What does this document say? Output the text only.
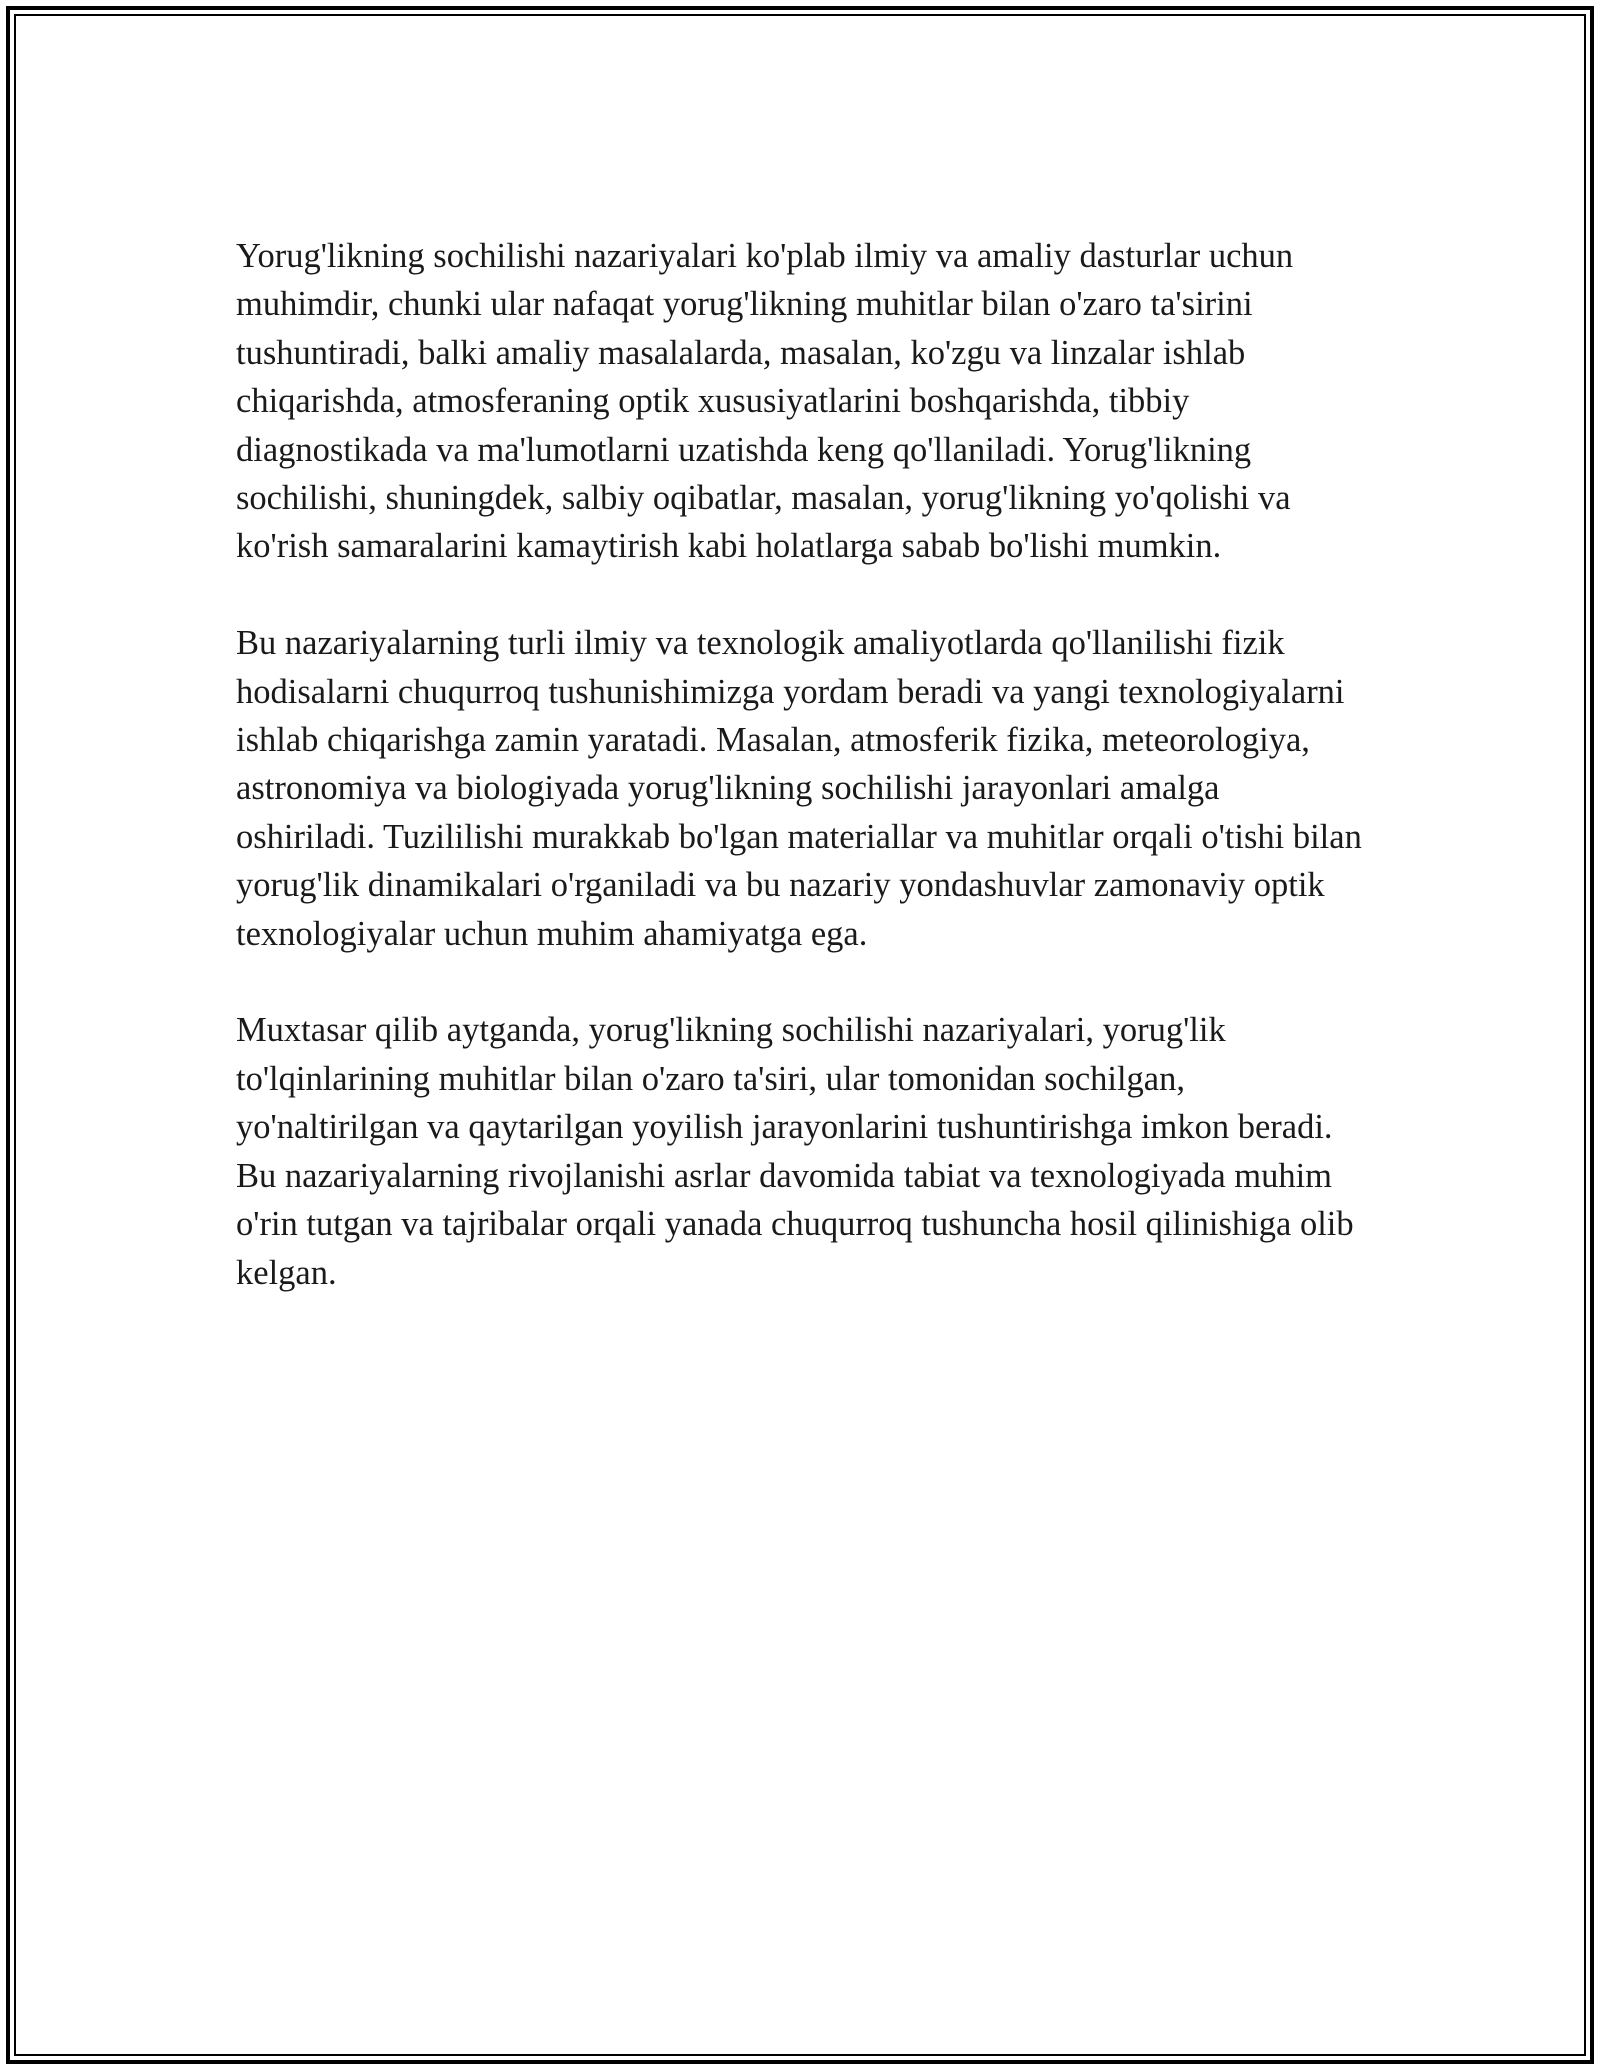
Yorug'likning sochilishi nazariyalari ko'plab ilmiy va amaliy dasturlar uchun muhimdir, chunki ular nafaqat yorug'likning muhitlar bilan o'zaro ta'sirini tushuntiradi, balki amaliy masalalarda, masalan, ko'zgu va linzalar ishlab chiqarishda, atmosferaning optik xususiyatlarini boshqarishda, tibbiy diagnostikada va ma'lumotlarni uzatishda keng qo'llaniladi. Yorug'likning sochilishi, shuningdek, salbiy oqibatlar, masalan, yorug'likning yo'qolishi va ko'rish samaralarini kamaytirish kabi holatlarga sabab bo'lishi mumkin.

Bu nazariyalarning turli ilmiy va texnologik amaliyotlarda qo'llanilishi fizik hodisalarni chuqurroq tushunishimizga yordam beradi va yangi texnologiyalarni ishlab chiqarishga zamin yaratadi. Masalan, atmosferik fizika, meteorologiya, astronomiya va biologiyada yorug'likning sochilishi jarayonlari amalga oshiriladi. Tuzililishi murakkab bo'lgan materiallar va muhitlar orqali o'tishi bilan yorug'lik dinamikalari o'rganiladi va bu nazariy yondashuvlar zamonaviy optik texnologiyalar uchun muhim ahamiyatga ega.

Muxtasar qilib aytganda, yorug'likning sochilishi nazariyalari, yorug'lik to'lqinlarining muhitlar bilan o'zaro ta'siri, ular tomonidan sochilgan, yo'naltirilgan va qaytarilgan yoyilish jarayonlarini tushuntirishga imkon beradi. Bu nazariyalarning rivojlanishi asrlar davomida tabiat va texnologiyada muhim o'rin tutgan va tajribalar orqali yanada chuqurroq tushuncha hosil qilinishiga olib kelgan.
